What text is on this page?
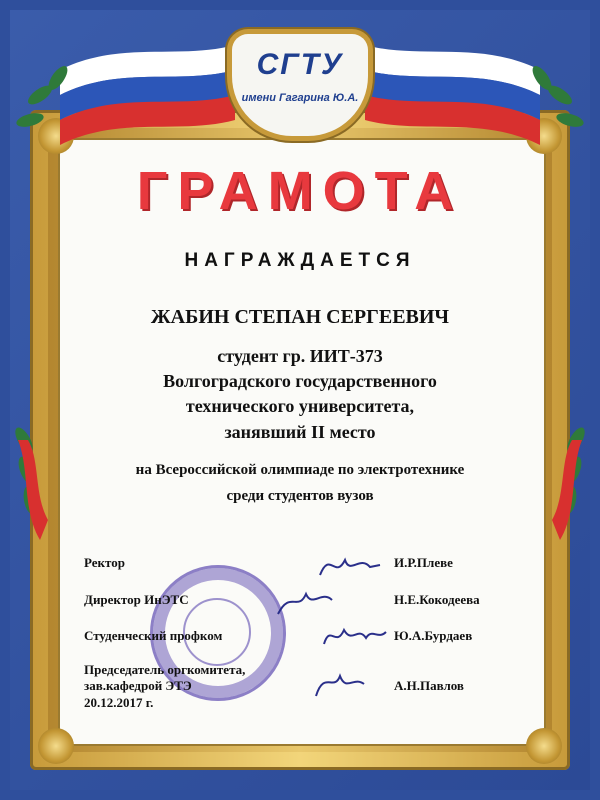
СГТУ
имени Гагарина Ю.А.
ГРАМОТА
НАГРАЖДАЕТСЯ
ЖАБИН СТЕПАН СЕРГЕЕВИЧ
студент гр. ИИТ-373
Волгоградского государственного
технического университета,
занявший II место
на Всероссийской олимпиаде по электротехнике
среди студентов вузов
Ректор	И.Р.Плеве
Директор ИнЭТС	Н.Е.Кокодеева
Студенческий профком	Ю.А.Бурдаев
Председатель оргкомитета,
зав.кафедрой ЭТЭ	А.Н.Павлов
20.12.2017 г.
